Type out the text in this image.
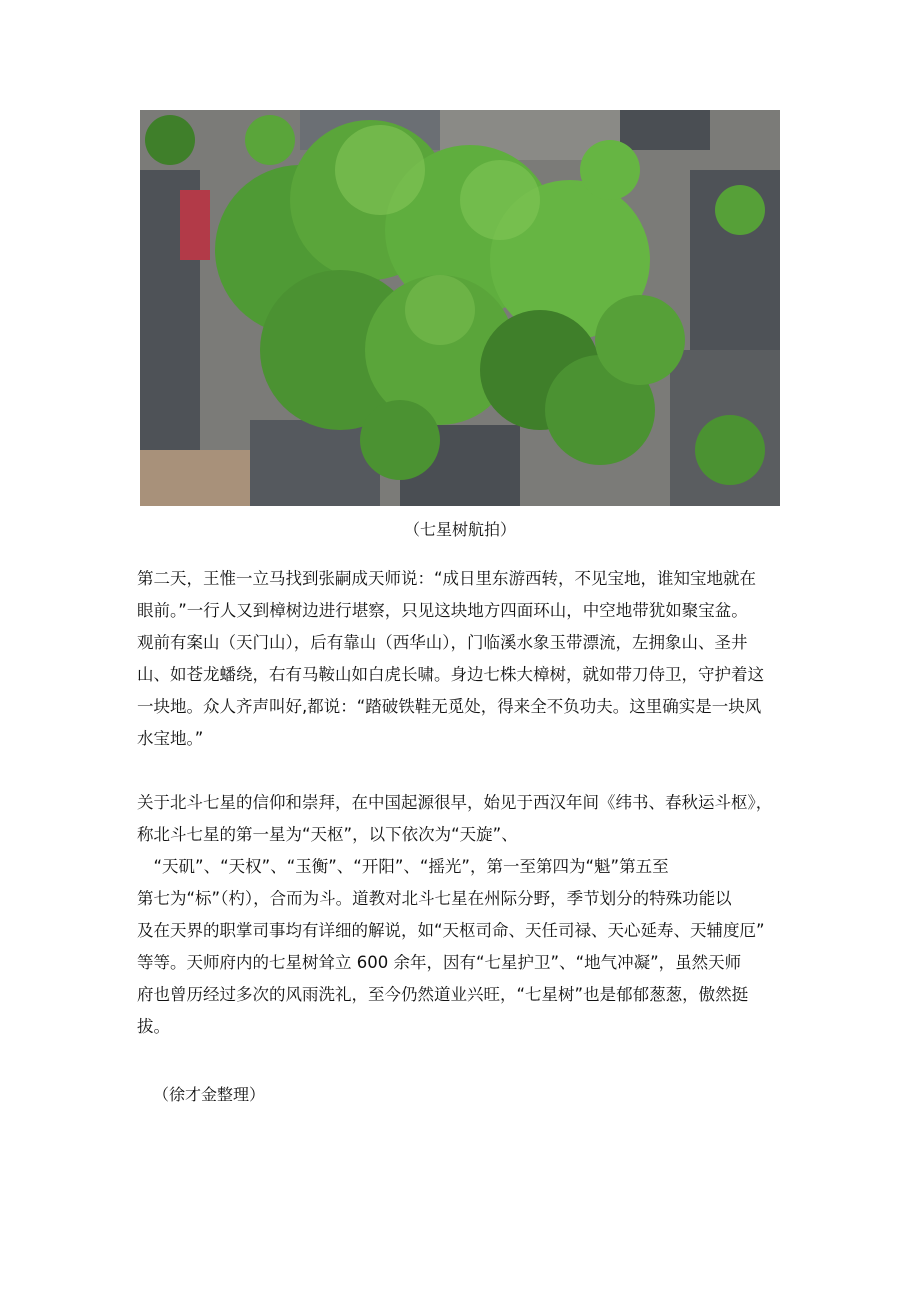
（七星树航拍）

第二天，王惟一立马找到张嗣成天师说：“成日里东游西转，不见宝地，谁知宝地就在
眼前。”一行人又到樟树边进行堪察，只见这块地方四面环山，中空地带犹如聚宝盆。
观前有案山（天门山），后有靠山（西华山），门临溪水象玉带漂流，左拥象山、圣井
山、如苍龙蟠绕，右有马鞍山如白虎长啸。身边七株大樟树，就如带刀侍卫，守护着这
一块地。众人齐声叫好,都说：“踏破铁鞋无觅处，得来全不负功夫。这里确实是一块风
水宝地。”

关于北斗七星的信仰和崇拜，在中国起源很早，始见于西汉年间《纬书、春秋运斗枢》，
称北斗七星的第一星为“天枢”，以下依次为“天旋”、
　“天矶”、“天权”、“玉衡”、“开阳”、“摇光”，第一至第四为“魁”第五至
第七为“标”（杓），合而为斗。道教对北斗七星在州际分野，季节划分的特殊功能以
及在天界的职掌司事均有详细的解说，如“天枢司命、天任司禄、天心延寿、天辅度厄”
等等。天师府内的七星树耸立 600 余年，因有“七星护卫”、“地气冲凝”，虽然天师
府也曾历经过多次的风雨洗礼，至今仍然道业兴旺，“七星树”也是郁郁葱葱，傲然挺
拔。

（徐才金整理）
